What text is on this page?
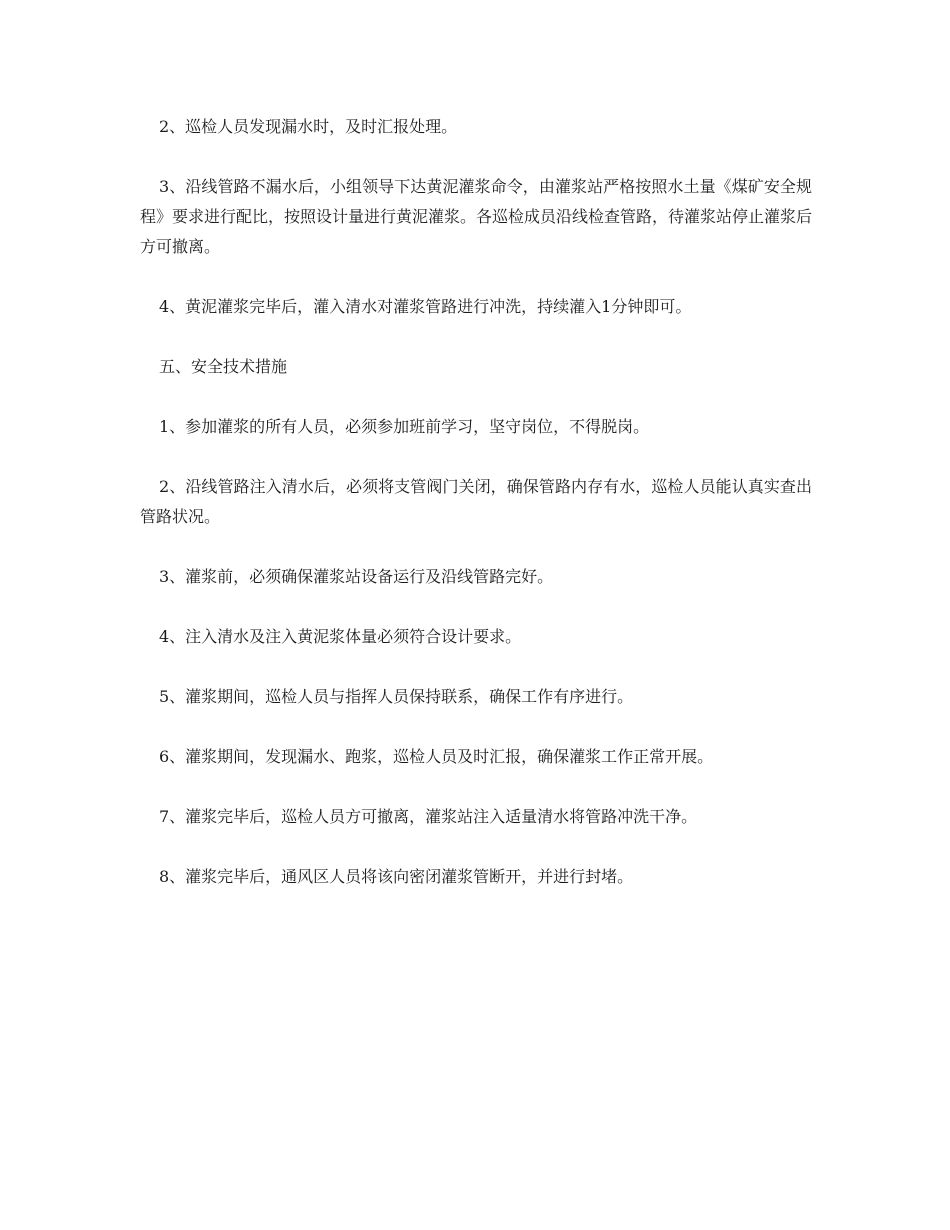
2、巡检人员发现漏水时，及时汇报处理。

3、沿线管路不漏水后，小组领导下达黄泥灌浆命令，由灌浆站严格按照水土量《煤矿安全规程》要求进行配比，按照设计量进行黄泥灌浆。各巡检成员沿线检查管路，待灌浆站停止灌浆后方可撤离。

4、黄泥灌浆完毕后，灌入清水对灌浆管路进行冲洗，持续灌入1分钟即可。

五、安全技术措施

1、参加灌浆的所有人员，必须参加班前学习，坚守岗位，不得脱岗。

2、沿线管路注入清水后，必须将支管阀门关闭，确保管路内存有水，巡检人员能认真实查出管路状况。

3、灌浆前，必须确保灌浆站设备运行及沿线管路完好。

4、注入清水及注入黄泥浆体量必须符合设计要求。

5、灌浆期间，巡检人员与指挥人员保持联系，确保工作有序进行。

6、灌浆期间，发现漏水、跑浆，巡检人员及时汇报，确保灌浆工作正常开展。

7、灌浆完毕后，巡检人员方可撤离，灌浆站注入适量清水将管路冲洗干净。

8、灌浆完毕后，通风区人员将该向密闭灌浆管断开，并进行封堵。
